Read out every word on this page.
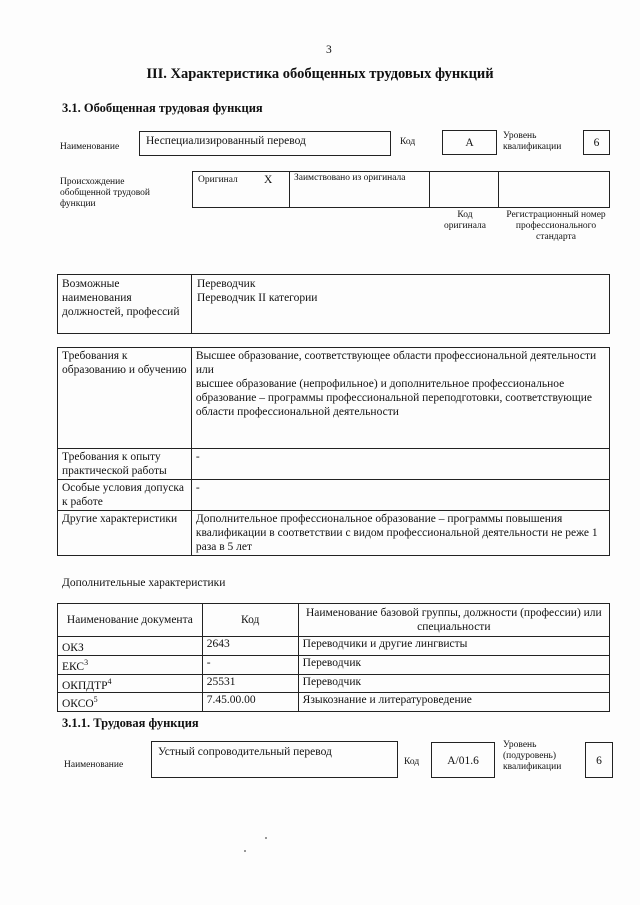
3
III. Характеристика обобщенных трудовых функций
3.1. Обобщенная трудовая функция
Наименование	Неспециализированный перевод	Код	A
Уровень квалификации	6
Происхождение обобщенной трудовой функции
Оригинал X Заимствовано из оригинала
Код оригинала
Регистрационный номер профессионального стандарта
Возможные наименования должностей, профессий
Переводчик
Переводчик II категории
Требования к образованию и обучению	Высшее образование, соответствующее области профессиональной деятельности
или
высшее образование (непрофильное) и дополнительное профессиональное образование – программы профессиональной переподготовки, соответствующие области профессиональной деятельности
Требования к опыту практической работы	-
Особые условия допуска к работе	-
Другие характеристики	Дополнительное профессиональное образование – программы повышения квалификации в соответствии с видом профессиональной деятельности не реже 1 раза в 5 лет
Дополнительные характеристики
Наименование документа	Код	Наименование базовой группы, должности (профессии) или специальности
ОКЗ	2643	Переводчики и другие лингвисты
ЕКС$^3$	-	Переводчик
ОКПДТР$^4$	25531	Переводчик
ОКСО$^5$	7.45.00.00	Языкознание и литературоведение
3.1.1. Трудовая функция
Наименование
Устный сопроводительный перевод
Код	A/01.6
Уровень (подуровень) квалификации	6
